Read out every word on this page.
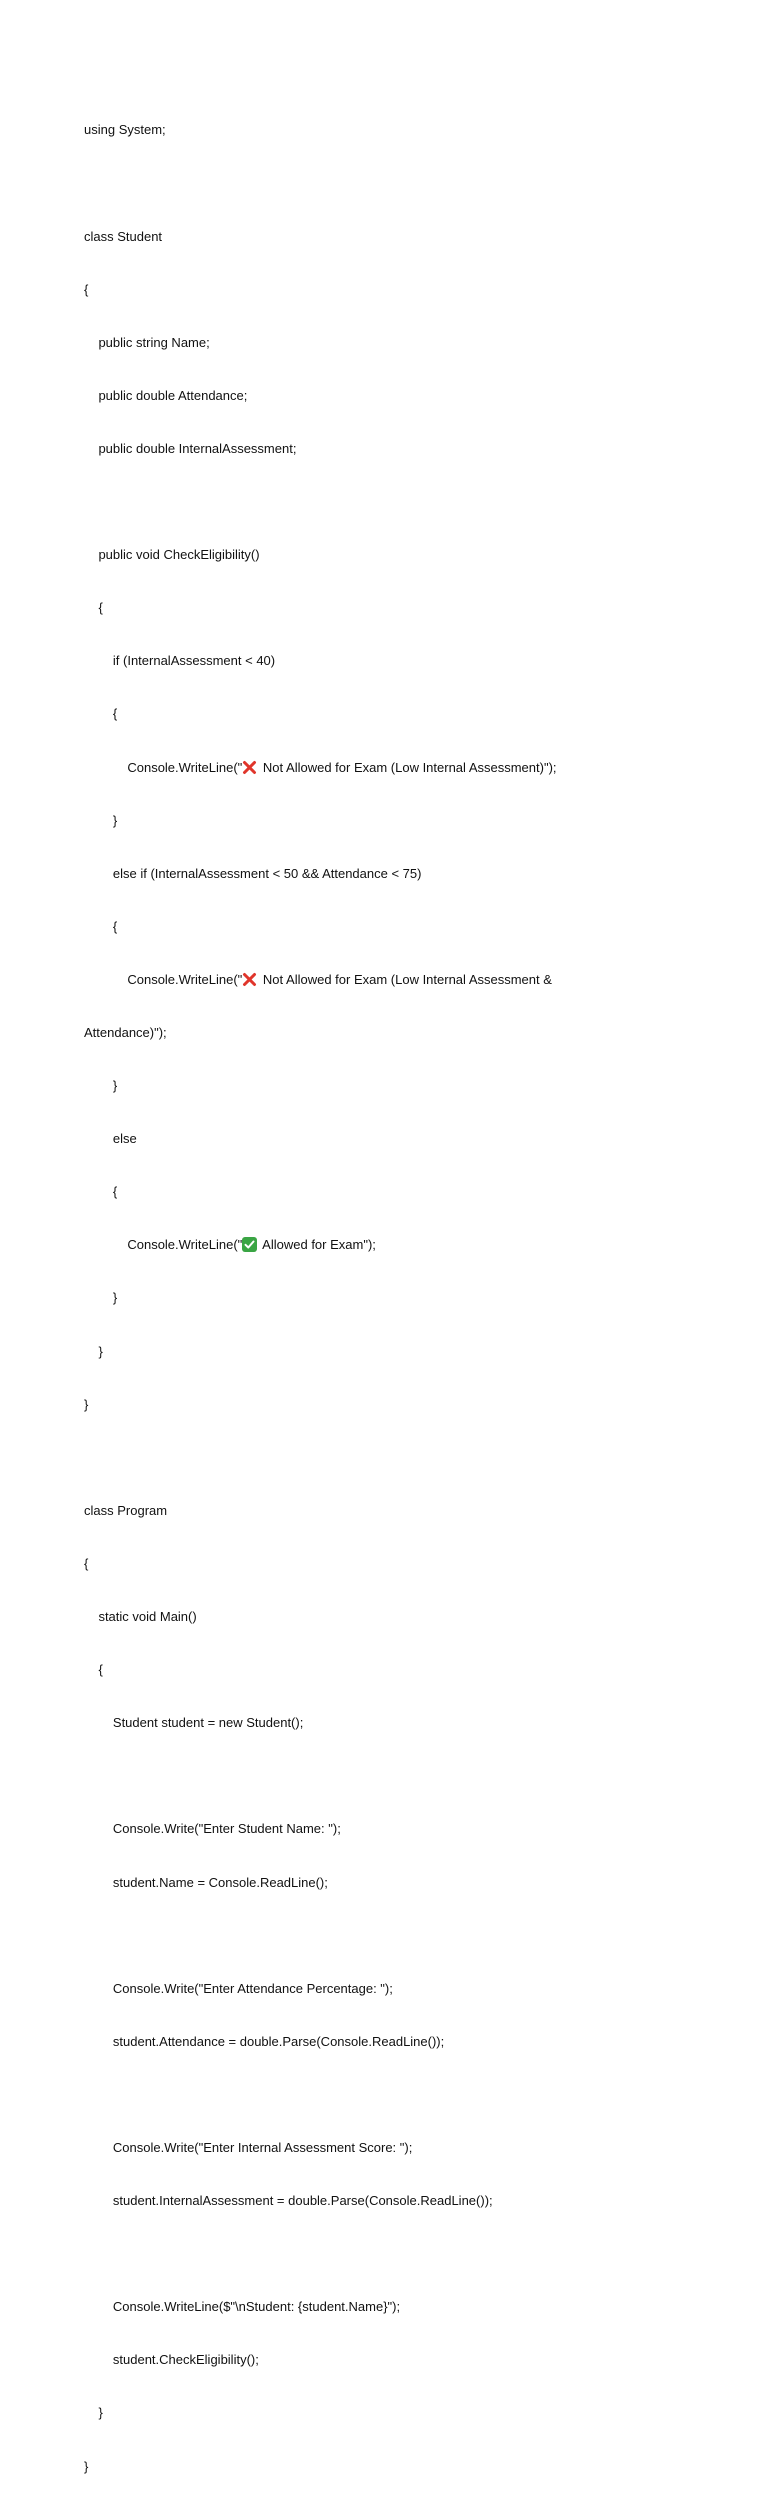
using System;

class Student

{

public string Name;

public double Attendance;

public double InternalAssessment;

public void CheckEligibility()

{

if (InternalAssessment < 40)

{

Console.WriteLine("
Not Allowed for Exam (Low Internal Assessment)");

}

else if (InternalAssessment < 50 && Attendance < 75)

{

Console.WriteLine("
Not Allowed for Exam (Low Internal Assessment &

Attendance)");

}

else

{

Console.WriteLine("
Allowed for Exam");

}

}

}

class Program

{

static void Main()

{

Student student = new Student();

Console.Write("Enter Student Name: ");

student.Name = Console.ReadLine();

Console.Write("Enter Attendance Percentage: ");

student.Attendance = double.Parse(Console.ReadLine());

Console.Write("Enter Internal Assessment Score: ");

student.InternalAssessment = double.Parse(Console.ReadLine());

Console.WriteLine($"\nStudent: {student.Name}");

student.CheckEligibility();

}

}
